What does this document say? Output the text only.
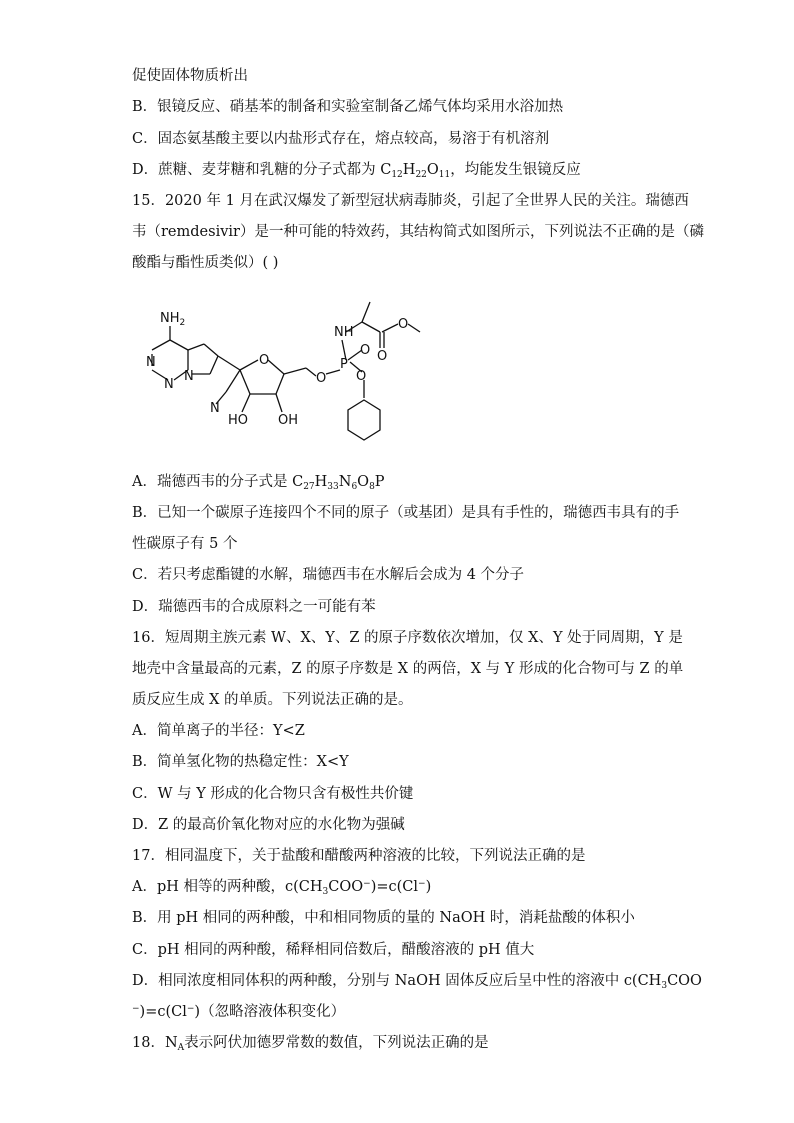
促使固体物质析出
B．银镜反应、硝基苯的制备和实验室制备乙烯气体均采用水浴加热
C．固态氨基酸主要以内盐形式存在，熔点较高，易溶于有机溶剂
D．蔗糖、麦芽糖和乳糖的分子式都为 $C_{12}H_{22}O_{11}$，均能发生银镜反应
15．2020 年 1 月在武汉爆发了新型冠状病毒肺炎，引起了全世界人民的关注。瑞德西
韦（remdesivir）是一种可能的特效药，其结构简式如图所示，下列说法不正确的是（磷
酸酯与酯性质类似）( )
$NH_2$
N
N
N
O
N
HO OH
O
P
O
O
NH
O
O
A．瑞德西韦的分子式是 $C_{27}H_{33}N_6O_8P$
B．已知一个碳原子连接四个不同的原子（或基团）是具有手性的，瑞德西韦具有的手
性碳原子有 5 个
C．若只考虑酯键的水解，瑞德西韦在水解后会成为 4 个分子
D．瑞德西韦的合成原料之一可能有苯
16．短周期主族元素 W、X、Y、Z 的原子序数依次增加，仅 X、Y 处于同周期，Y 是
地壳中含量最高的元素，Z 的原子序数是 X 的两倍，X 与 Y 形成的化合物可与 Z 的单
质反应生成 X 的单质。下列说法正确的是。
A．简单离子的半径：Y<Z
B．简单氢化物的热稳定性：X<Y
C．W 与 Y 形成的化合物只含有极性共价键
D．Z 的最高价氧化物对应的水化物为强碱
17．相同温度下，关于盐酸和醋酸两种溶液的比较，下列说法正确的是
A．pH 相等的两种酸，$c(CH_3COO^-)=c(Cl^-)$
B．用 pH 相同的两种酸，中和相同物质的量的 NaOH 时，消耗盐酸的体积小
C．pH 相同的两种酸，稀释相同倍数后，醋酸溶液的 pH 值大
D．相同浓度相同体积的两种酸，分别与 NaOH 固体反应后呈中性的溶液中 $c(CH_3COO$
−)=c(Cl−)（忽略溶液体积变化）
18．$N_A$表示阿伏加德罗常数的数值，下列说法正确的是
